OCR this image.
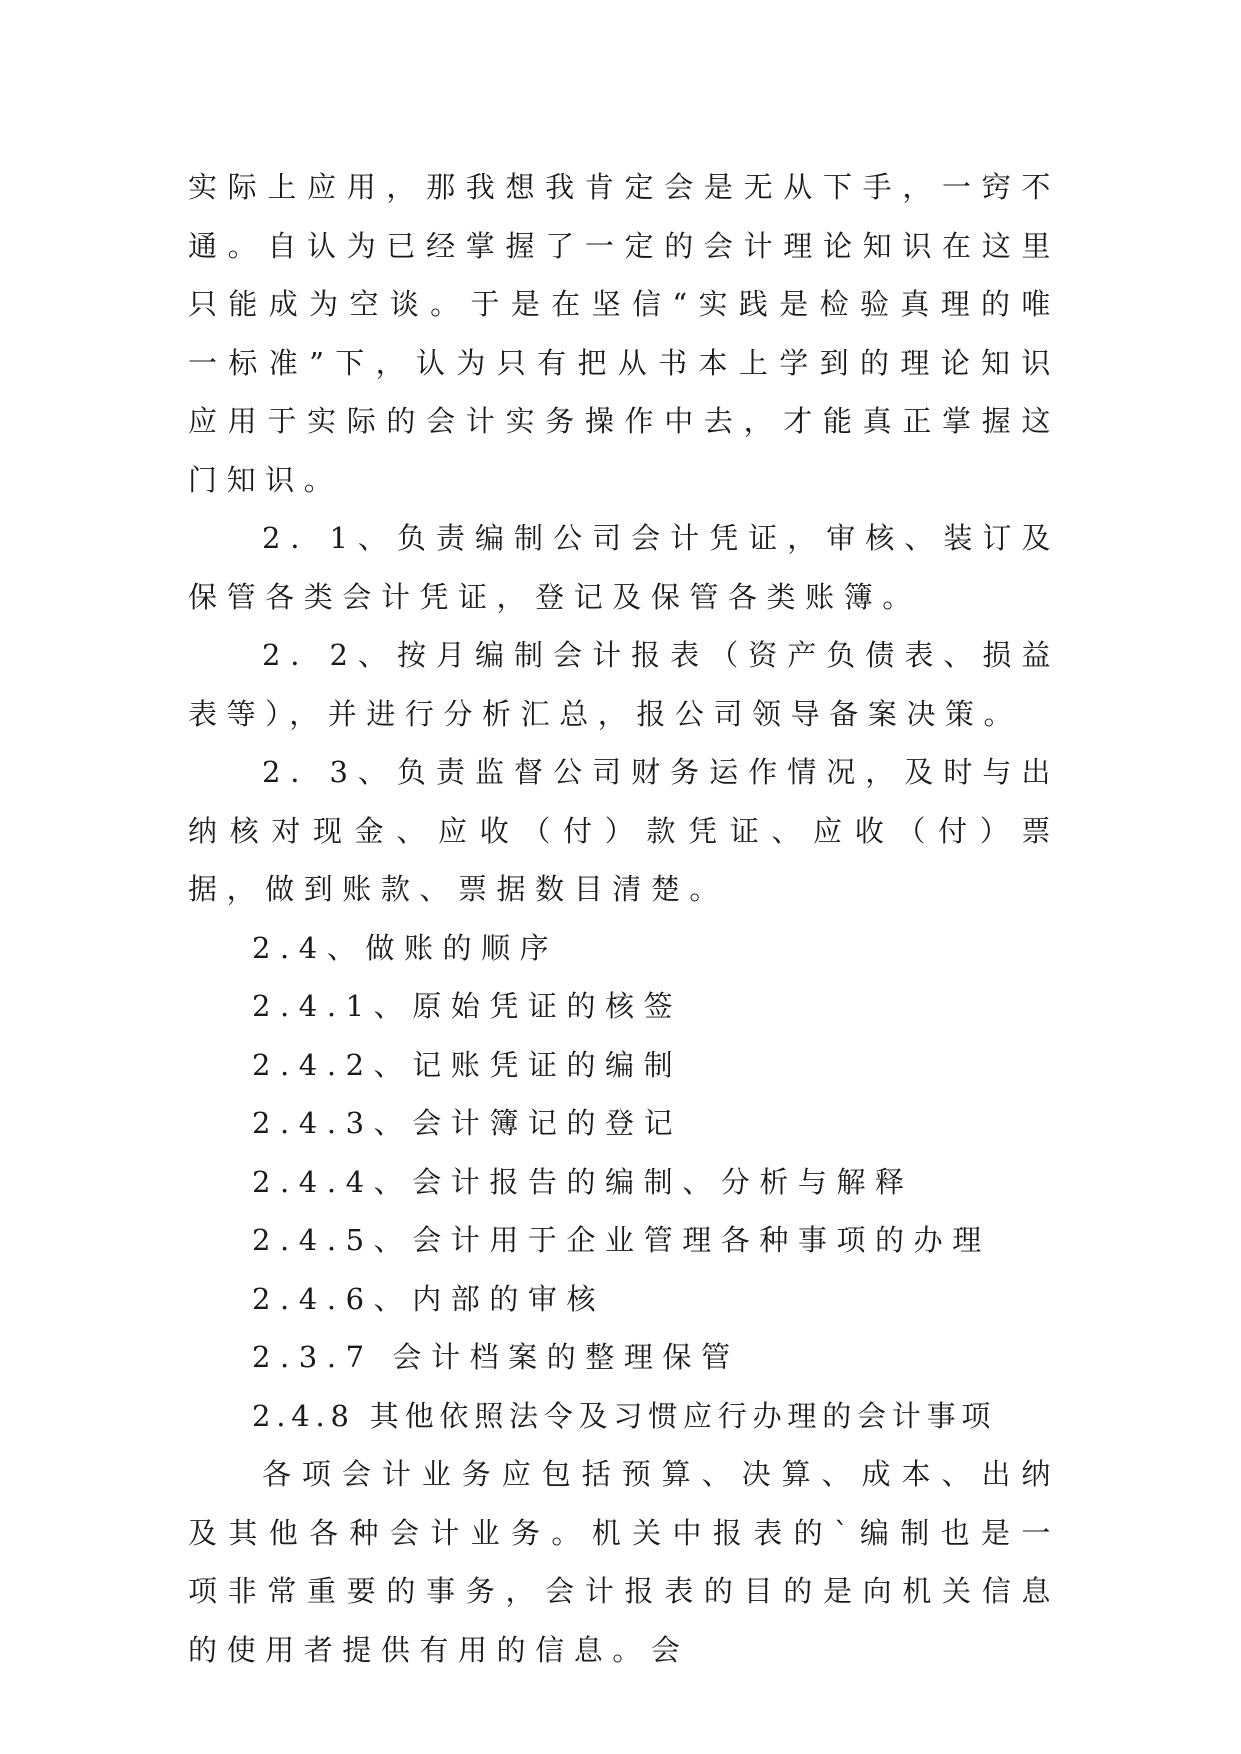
实际上应用，那我想我肯定会是无从下手，一窍不通。自认为已经掌握了一定的会计理论知识在这里只能成为空谈。于是在坚信“实践是检验真理的唯一标准”下，认为只有把从书本上学到的理论知识应用于实际的会计实务操作中去，才能真正掌握这门知识。

2．1、负责编制公司会计凭证，审核、装订及保管各类会计凭证，登记及保管各类账簿。

2．2、按月编制会计报表（资产负债表、损益表等），并进行分析汇总，报公司领导备案决策。

2．3、负责监督公司财务运作情况，及时与出纳核对现金、应收（付）款凭证、应收（付）票据，做到账款、票据数目清楚。

2.4、做账的顺序

2.4.1、原始凭证的核签

2.4.2、记账凭证的编制

2.4.3、会计簿记的登记

2.4.4、会计报告的编制、分析与解释

2.4.5、会计用于企业管理各种事项的办理

2.4.6、内部的审核

2.3.7 会计档案的整理保管

2.4.8 其他依照法令及习惯应行办理的会计事项

各项会计业务应包括预算、决算、成本、出纳及其他各种会计业务。机关中报表的`编制也是一项非常重要的事务，会计报表的目的是向机关信息的使用者提供有用的信息。会
